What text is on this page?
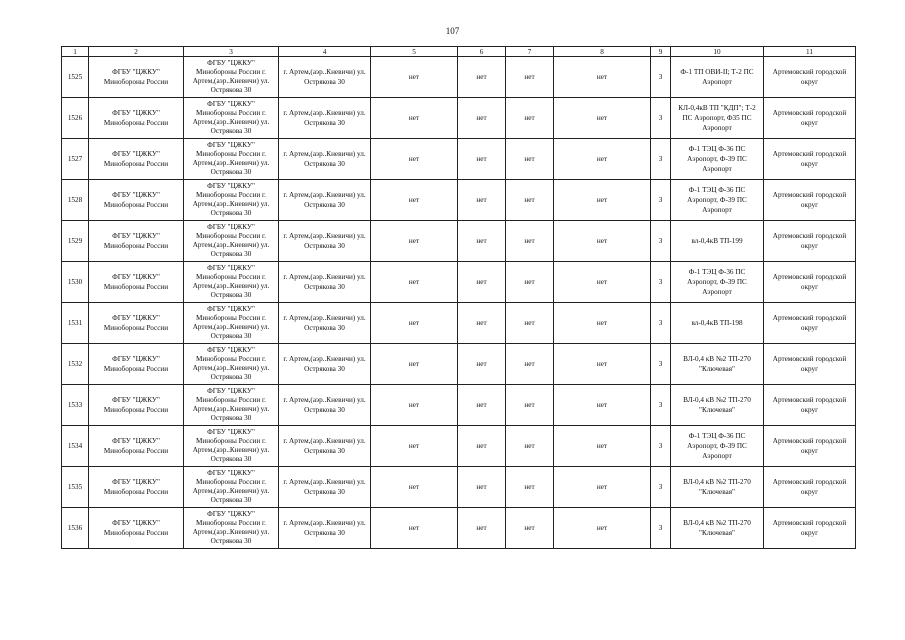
107
1	2	3	4	5	6	7	8	9	10	11
1525	ФГБУ "ЦЖКУ" Минобороны России	ФГБУ "ЦЖКУ" Минобороны России г. Артем,(аэр..Кневичи) ул. Острякова 30	г. Артем,(аэр..Кневичи) ул. Острякова 30	нет	нет	нет	нет	3	Ф-1 ТП ОВИ-II; Т-2 ПС Аэропорт	Артемовский городской округ
1526	ФГБУ "ЦЖКУ" Минобороны России	ФГБУ "ЦЖКУ" Минобороны России г. Артем,(аэр..Кневичи) ул. Острякова 30	г. Артем,(аэр..Кневичи) ул. Острякова 30	нет	нет	нет	нет	3	КЛ-0,4кВ ТП "КДП"; Т-2 ПС Аэропорт, Ф35 ПС Аэропорт	Артемовский городской округ
1527	ФГБУ "ЦЖКУ" Минобороны России	ФГБУ "ЦЖКУ" Минобороны России г. Артем,(аэр..Кневичи) ул. Острякова 30	г. Артем,(аэр..Кневичи) ул. Острякова 30	нет	нет	нет	нет	3	Ф-1 ТЭЦ Ф-36 ПС Аэропорт, Ф-39 ПС Аэропорт	Артемовский городской округ
1528	ФГБУ "ЦЖКУ" Минобороны России	ФГБУ "ЦЖКУ" Минобороны России г. Артем,(аэр..Кневичи) ул. Острякова 30	г. Артем,(аэр..Кневичи) ул. Острякова 30	нет	нет	нет	нет	3	Ф-1 ТЭЦ Ф-36 ПС Аэропорт, Ф-39 ПС Аэропорт	Артемовский городской округ
1529	ФГБУ "ЦЖКУ" Минобороны России	ФГБУ "ЦЖКУ" Минобороны России г. Артем,(аэр..Кневичи) ул. Острякова 30	г. Артем,(аэр..Кневичи) ул. Острякова 30	нет	нет	нет	нет	3	вл-0,4кВ ТП-199	Артемовский городской округ
1530	ФГБУ "ЦЖКУ" Минобороны России	ФГБУ "ЦЖКУ" Минобороны России г. Артем,(аэр..Кневичи) ул. Острякова 30	г. Артем,(аэр..Кневичи) ул. Острякова 30	нет	нет	нет	нет	3	Ф-1 ТЭЦ Ф-36 ПС Аэропорт, Ф-39 ПС Аэропорт	Артемовский городской округ
1531	ФГБУ "ЦЖКУ" Минобороны России	ФГБУ "ЦЖКУ" Минобороны России г. Артем,(аэр..Кневичи) ул. Острякова 30	г. Артем,(аэр..Кневичи) ул. Острякова 30	нет	нет	нет	нет	3	вл-0,4кВ ТП-198	Артемовский городской округ
1532	ФГБУ "ЦЖКУ" Минобороны России	ФГБУ "ЦЖКУ" Минобороны России г. Артем,(аэр..Кневичи) ул. Острякова 30	г. Артем,(аэр..Кневичи) ул. Острякова 30	нет	нет	нет	нет	3	ВЛ-0,4 кВ №2 ТП-270 "Ключевая"	Артемовский городской округ
1533	ФГБУ "ЦЖКУ" Минобороны России	ФГБУ "ЦЖКУ" Минобороны России г. Артем,(аэр..Кневичи) ул. Острякова 30	г. Артем,(аэр..Кневичи) ул. Острякова 30	нет	нет	нет	нет	3	ВЛ-0,4 кВ №2 ТП-270 "Ключевая"	Артемовский городской округ
1534	ФГБУ "ЦЖКУ" Минобороны России	ФГБУ "ЦЖКУ" Минобороны России г. Артем,(аэр..Кневичи) ул. Острякова 30	г. Артем,(аэр..Кневичи) ул. Острякова 30	нет	нет	нет	нет	3	Ф-1 ТЭЦ Ф-36 ПС Аэропорт, Ф-39 ПС Аэропорт	Артемовский городской округ
1535	ФГБУ "ЦЖКУ" Минобороны России	ФГБУ "ЦЖКУ" Минобороны России г. Артем,(аэр..Кневичи) ул. Острякова 30	г. Артем,(аэр..Кневичи) ул. Острякова 30	нет	нет	нет	нет	3	ВЛ-0,4 кВ №2 ТП-270 "Ключевая"	Артемовский городской округ
1536	ФГБУ "ЦЖКУ" Минобороны России	ФГБУ "ЦЖКУ" Минобороны России г. Артем,(аэр..Кневичи) ул. Острякова 30	г. Артем,(аэр..Кневичи) ул. Острякова 30	нет	нет	нет	нет	3	ВЛ-0,4 кВ №2 ТП-270 "Ключевая"	Артемовский городской округ
